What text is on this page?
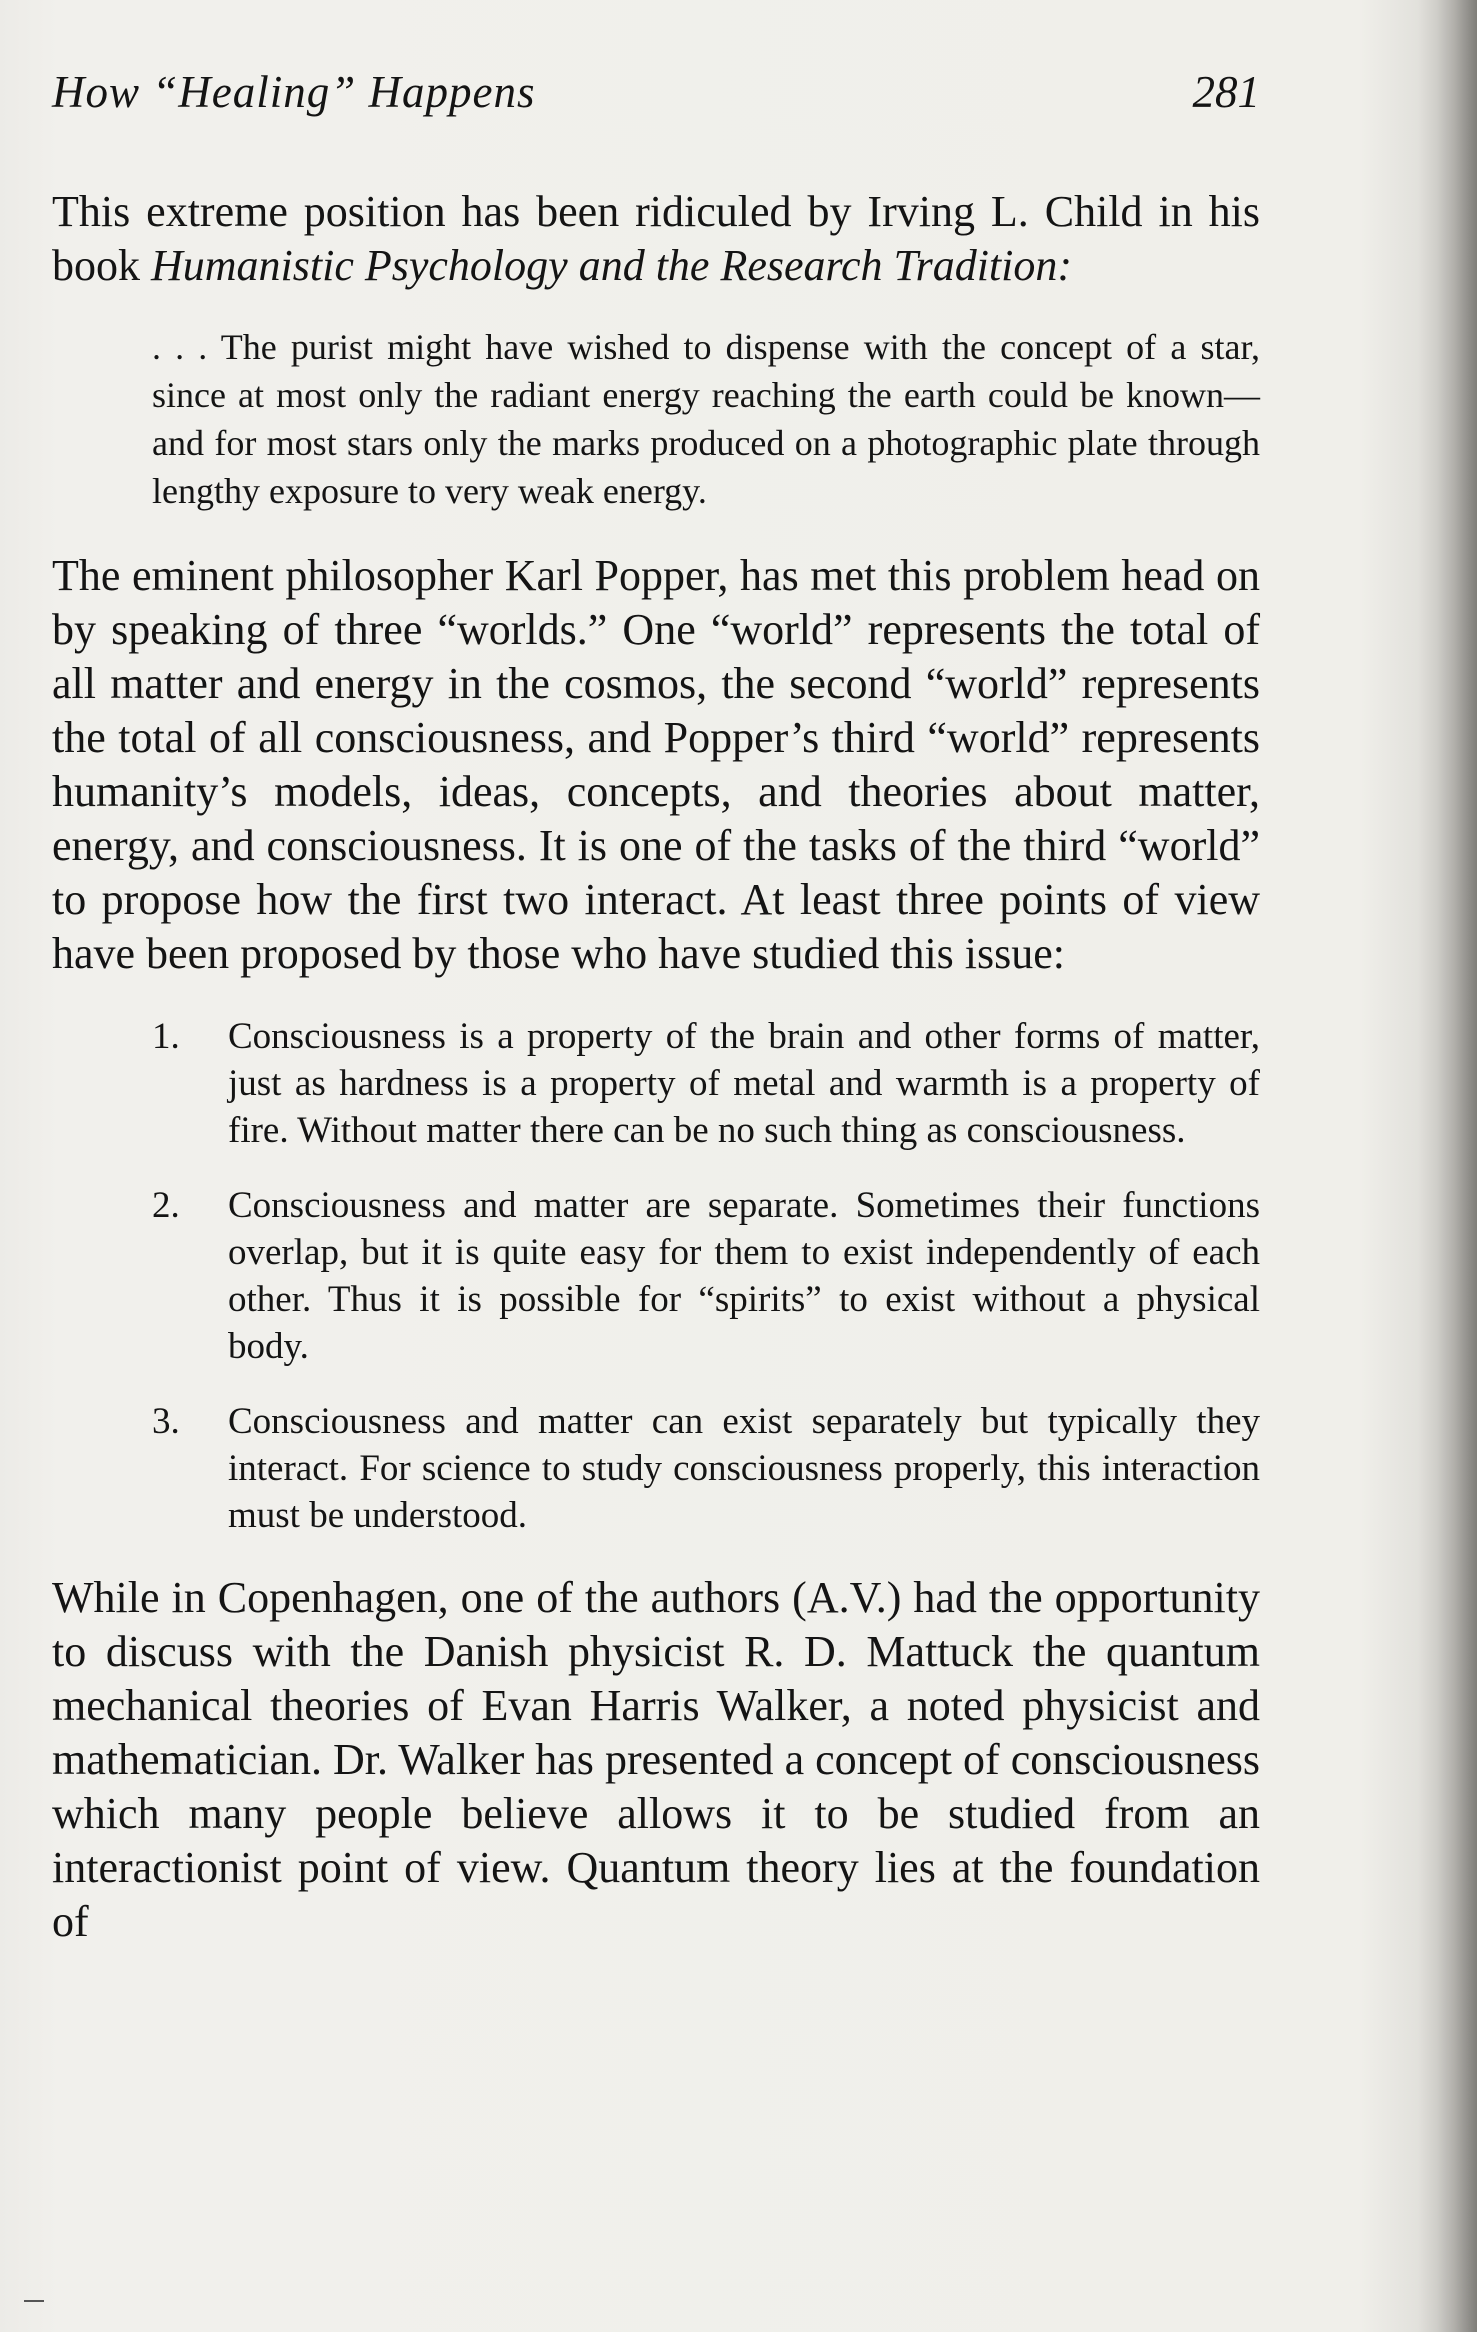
How “Healing” Happens	281

This extreme position has been ridiculed by Irving L. Child in his book Humanistic Psychology and the Research Tradition:

. . . The purist might have wished to dispense with the concept of a star, since at most only the radiant energy reaching the earth could be known—and for most stars only the marks produced on a photographic plate through lengthy exposure to very weak energy.

The eminent philosopher Karl Popper, has met this problem head on by speaking of three “worlds.” One “world” represents the total of all matter and energy in the cosmos, the second “world” represents the total of all consciousness, and Popper’s third “world” represents humanity’s models, ideas, concepts, and theories about matter, energy, and consciousness. It is one of the tasks of the third “world” to propose how the first two interact. At least three points of view have been proposed by those who have studied this issue:

1.	Consciousness is a property of the brain and other forms of matter, just as hardness is a property of metal and warmth is a property of fire. Without matter there can be no such thing as consciousness.
2.	Consciousness and matter are separate. Sometimes their functions overlap, but it is quite easy for them to exist independently of each other. Thus it is possible for “spirits” to exist without a physical body.
3.	Consciousness and matter can exist separately but typically they interact. For science to study consciousness properly, this interaction must be understood.

While in Copenhagen, one of the authors (A.V.) had the opportunity to discuss with the Danish physicist R. D. Mattuck the quantum mechanical theories of Evan Harris Walker, a noted physicist and mathematician. Dr. Walker has presented a concept of consciousness which many people believe allows it to be studied from an interactionist point of view. Quantum theory lies at the foundation of
